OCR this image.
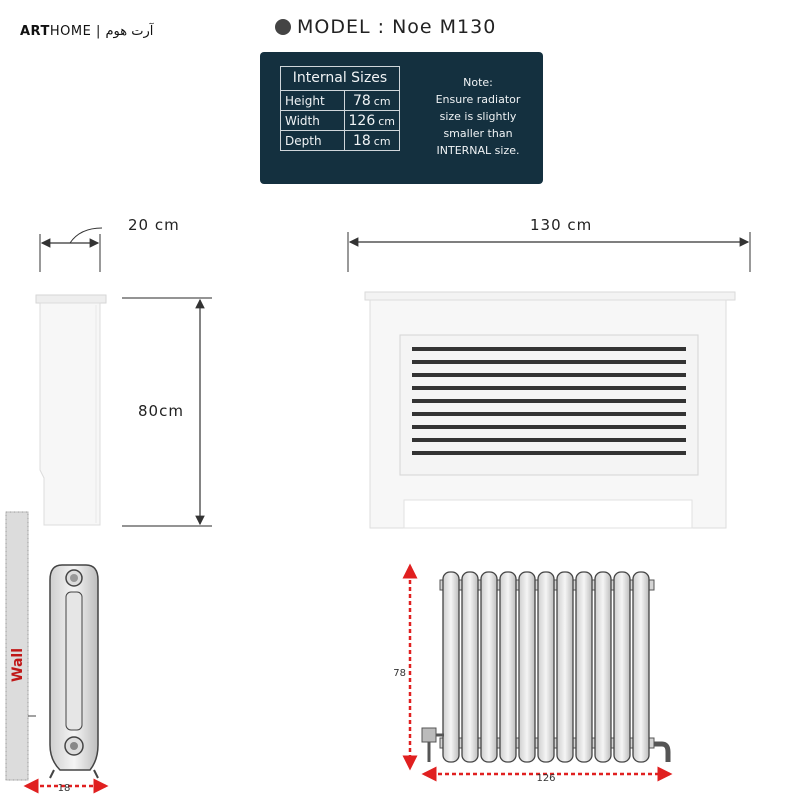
ARTHOME | آرت هوم	MODEL : Noe M130
Internal Sizes
Height	78 cm
Width	126 cm
Depth	18 cm
Note:
Ensure radiator
size is slightly
smaller than
INTERNAL size.
20 cm	130 cm
80cm
18
78
126
Wall
